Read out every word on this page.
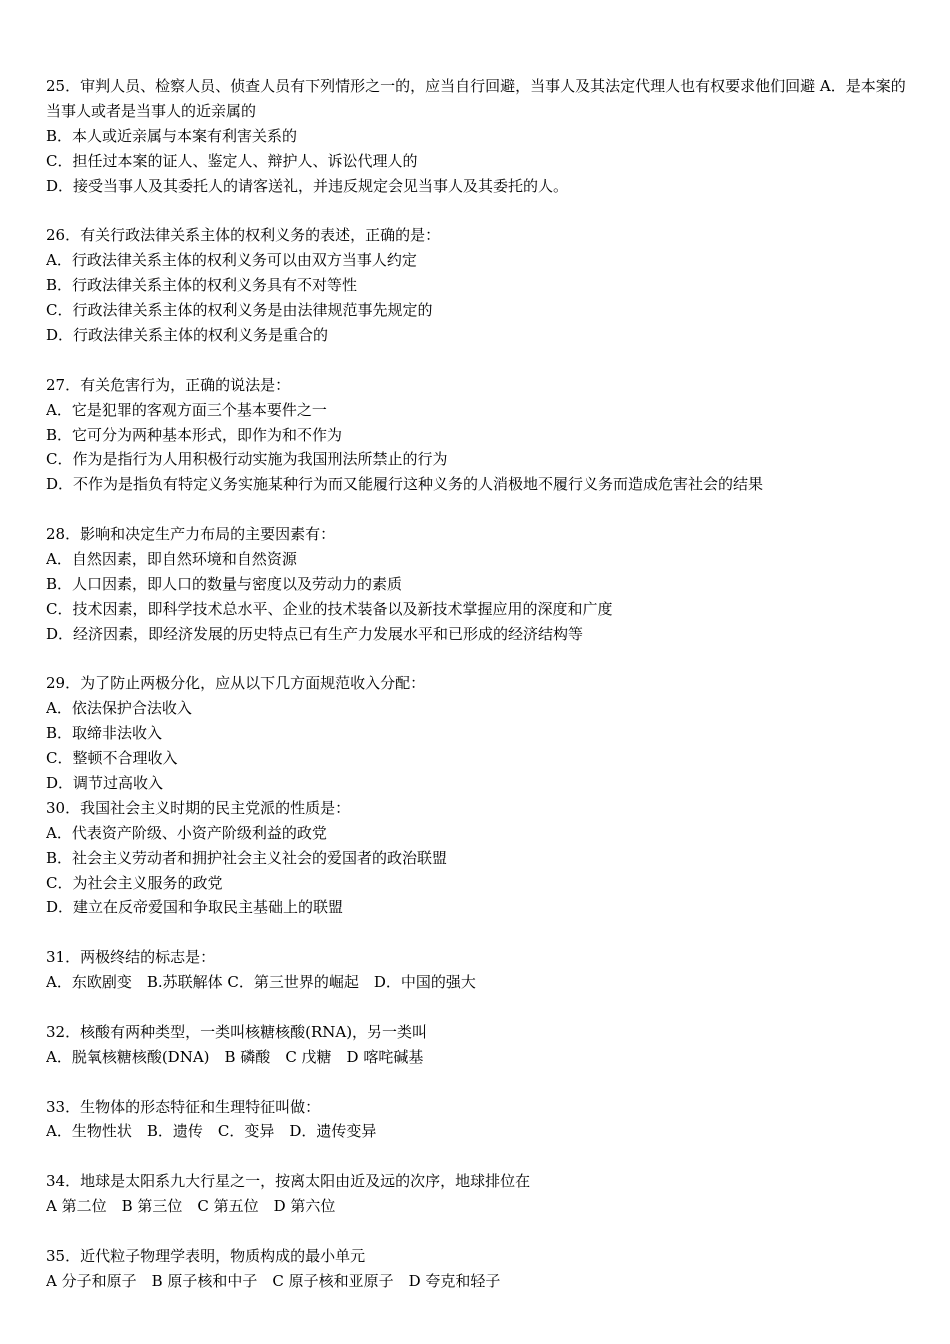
25．审判人员、检察人员、侦查人员有下列情形之一的，应当自行回避，当事人及其法定代理人也有权要求他们回避 A．是本案的当事人或者是当事人的近亲属的
B．本人或近亲属与本案有利害关系的
C．担任过本案的证人、鉴定人、辩护人、诉讼代理人的
D．接受当事人及其委托人的请客送礼，并违反规定会见当事人及其委托的人。
26．有关行政法律关系主体的权利义务的表述，正确的是：
A．行政法律关系主体的权利义务可以由双方当事人约定
B．行政法律关系主体的权利义务具有不对等性
C．行政法律关系主体的权利义务是由法律规范事先规定的
D．行政法律关系主体的权利义务是重合的
27．有关危害行为，正确的说法是：
A．它是犯罪的客观方面三个基本要件之一
B．它可分为两种基本形式，即作为和不作为
C．作为是指行为人用积极行动实施为我国刑法所禁止的行为
D．不作为是指负有特定义务实施某种行为而又能履行这种义务的人消极地不履行义务而造成危害社会的结果
28．影响和决定生产力布局的主要因素有：
A．自然因素，即自然环境和自然资源
B．人口因素，即人口的数量与密度以及劳动力的素质
C．技术因素，即科学技术总水平、企业的技术装备以及新技术掌握应用的深度和广度
D．经济因素，即经济发展的历史特点已有生产力发展水平和已形成的经济结构等
29．为了防止两极分化，应从以下几方面规范收入分配：
A．依法保护合法收入
B．取缔非法收入
C．整顿不合理收入
D．调节过高收入
30．我国社会主义时期的民主党派的性质是：
A．代表资产阶级、小资产阶级利益的政党
B．社会主义劳动者和拥护社会主义社会的爱国者的政治联盟
C．为社会主义服务的政党
D．建立在反帝爱国和争取民主基础上的联盟
31．两极终结的标志是：
A．东欧剧变　B.苏联解体 C．第三世界的崛起　D．中国的强大
32．核酸有两种类型，一类叫核糖核酸(RNA)，另一类叫
A．脱氧核糖核酸(DNA)　B 磷酸　C 戊糖　D 喀咤碱基
33．生物体的形态特征和生理特征叫做：
A．生物性状　B．遗传　C．变异　D．遗传变异
34．地球是太阳系九大行星之一，按离太阳由近及远的次序，地球排位在
A 第二位　B 第三位　C 第五位　D 第六位
35．近代粒子物理学表明，物质构成的最小单元
A 分子和原子　B 原子核和中子　C 原子核和亚原子　D 夸克和轻子
